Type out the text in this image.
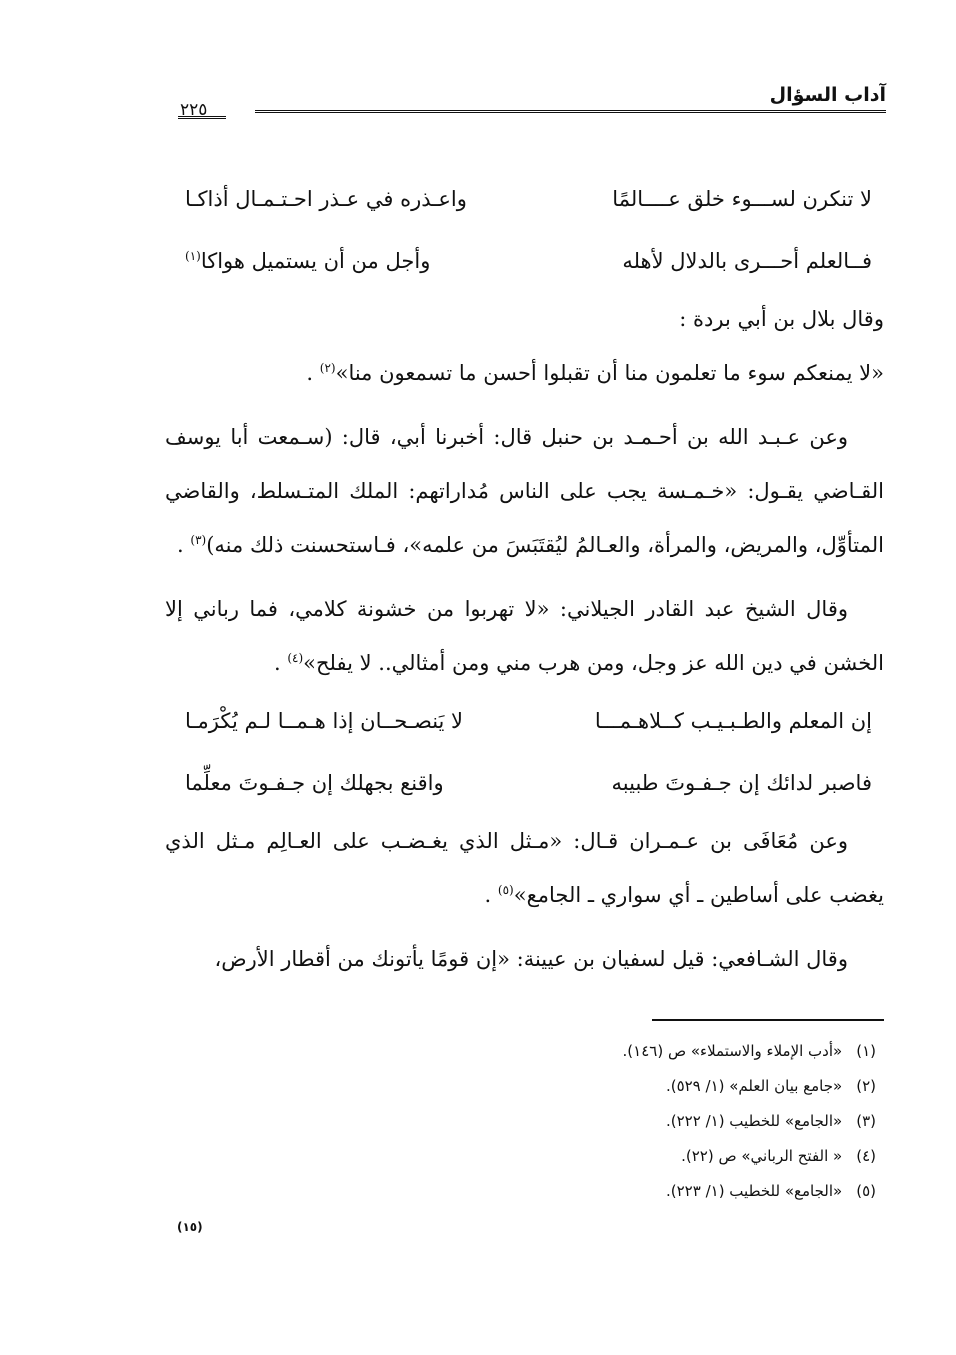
آداب السؤال
٢٢٥
لا تنكرن لســـوء خلق عــــالمًا
واعـذره في عـذر احـتـمـال أذاكـا
فــالعلم أحـــرى بالدلال لأهله
وأجل من أن يستميل هواكا$^{(١)}$

وقال بلال بن أبي بردة :

«لا يمنعكم سوء ما تعلمون منا أن تقبلوا أحسن ما تسمعون منا»$^{(٢)}$ .

وعن عـبـد الله بن أحـمـد بن حنبل قال: أخبرنا أبي، قال: (سـمعت أبا يوسف القـاضي يقـول: «خـمـسة يجب على الناس مُداراتهم: الملك المتـسلط، والقاضي المتأوِّل، والمريض، والمرأة، والعـالمُ ليُقتَبَسَ من علمه»، فـاستحسنت ذلك منه)$^{(٣)}$ .

وقال الشيخ عبد القادر الجيلاني: «لا تهربوا من خشونة كلامي، فما رباني إلا الخشن في دين الله عز وجل، ومن هرب مني ومن أمثالي.. لا يفلح»$^{(٤)}$ .

إن المعلم والطـبـيـب كــلاهـمـــا
لا يَنصـحــان إذا هـمــا لـم يُكْرَمـا
فاصبر لدائك إن جـفـوتَ طبيبه
واقنع بجهلك إن جـفـوتَ معلِّما

وعن مُعَافَى بن عـمـران قـال: «مـثل الذي يغـضـب على العـالِم مـثل الذي يغضب على أساطين ـ أي سواري ـ الجامع»$^{(٥)}$ .

وقال الشـافعي: قيل لسفيان بن عيينة: «إن قومًا يأتونك من أقطار الأرض،

(١)«أدب الإملاء والاستملاء» ص (١٤٦).
(٢)«جامع بيان العلم» (١/ ٥٢٩).
(٣)«الجامع» للخطيب (١/ ٢٢٢).
(٤)« الفتح الرباني» ص (٢٢).
(٥)«الجامع» للخطيب (١/ ٢٢٣).
(١٥)
